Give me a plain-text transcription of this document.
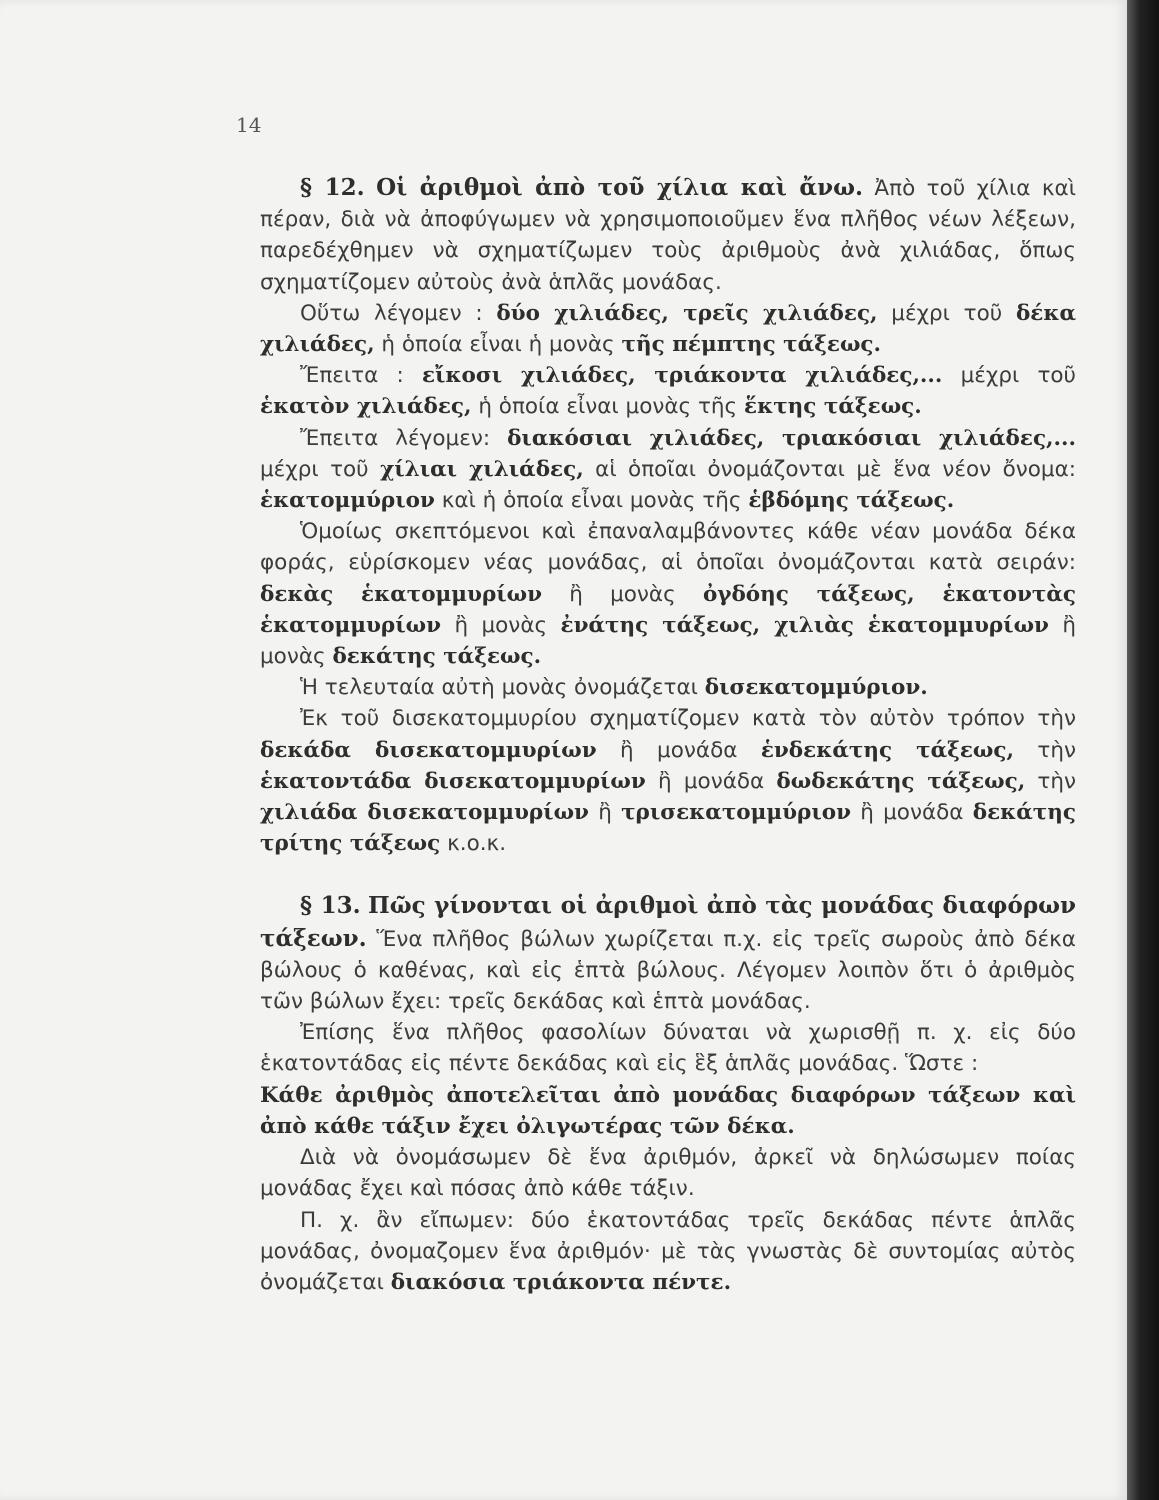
14

§ 12. Οἱ ἀριθμοὶ ἀπὸ τοῦ χίλια καὶ ἄνω. Ἀπὸ τοῦ χίλια καὶ πέραν, διὰ νὰ ἀποφύγωμεν νὰ χρησιμοποιοῦμεν ἕνα πλῆθος νέων λέξεων, παρεδέχθημεν νὰ σχηματίζωμεν τοὺς ἀριθμοὺς ἀνὰ χιλιάδας, ὅπως σχηματίζομεν αὐτοὺς ἀνὰ ἁπλᾶς μονάδας.

Οὕτω λέγομεν : δύο χιλιάδες, τρεῖς χιλιάδες, μέχρι τοῦ δέκα χιλιάδες, ἡ ὁποία εἶναι ἡ μονὰς τῆς πέμπτης τάξεως.

Ἔπειτα : εἴκοσι χιλιάδες, τριάκοντα χιλιάδες,... μέχρι τοῦ ἑκατὸν χιλιάδες, ἡ ὁποία εἶναι μονὰς τῆς ἕκτης τάξεως.

Ἔπειτα λέγομεν: διακόσιαι χιλιάδες, τριακόσιαι χιλιάδες,... μέχρι τοῦ χίλιαι χιλιάδες, αἱ ὁποῖαι ὀνομάζονται μὲ ἕνα νέον ὄνομα: ἑκατομμύριον καὶ ἡ ὁποία εἶναι μονὰς τῆς ἑβδόμης τάξεως.

Ὁμοίως σκεπτόμενοι καὶ ἐπαναλαμβάνοντες κάθε νέαν μονάδα δέκα φοράς, εὑρίσκομεν νέας μονάδας, αἱ ὁποῖαι ὀνομάζονται κατὰ σειράν: δεκὰς ἑκατομμυρίων ἢ μονὰς ὀγδόης τάξεως, ἑκατοντὰς ἑκατομμυρίων ἢ μονὰς ἐνάτης τάξεως, χιλιὰς ἑκατομμυρίων ἢ μονὰς δεκάτης τάξεως.

Ἡ τελευταία αὐτὴ μονὰς ὀνομάζεται δισεκατομμύριον.

Ἐκ τοῦ δισεκατομμυρίου σχηματίζομεν κατὰ τὸν αὐτὸν τρόπον τὴν δεκάδα δισεκατομμυρίων ἢ μονάδα ἑνδεκάτης τάξεως, τὴν ἑκατοντάδα δισεκατομμυρίων ἢ μονάδα δωδεκάτης τάξεως, τὴν χιλιάδα δισεκατομμυρίων ἢ τρισεκατομμύριον ἢ μονάδα δεκάτης τρίτης τάξεως κ.ο.κ.

§ 13. Πῶς γίνονται οἱ ἀριθμοὶ ἀπὸ τὰς μονάδας διαφόρων τάξεων. Ἕνα πλῆθος βώλων χωρίζεται π.χ. εἰς τρεῖς σωροὺς ἀπὸ δέκα βώλους ὁ καθένας, καὶ εἰς ἑπτὰ βώλους. Λέγομεν λοιπὸν ὅτι ὁ ἀριθμὸς τῶν βώλων ἔχει: τρεῖς δεκάδας καὶ ἑπτὰ μονάδας.

Ἐπίσης ἕνα πλῆθος φασολίων δύναται νὰ χωρισθῇ π. χ. εἰς δύο ἑκατοντάδας εἰς πέντε δεκάδας καὶ εἰς ἓξ ἁπλᾶς μονάδας. Ὥστε :

Κάθε ἀριθμὸς ἀποτελεῖται ἀπὸ μονάδας διαφόρων τάξεων καὶ ἀπὸ κάθε τάξιν ἔχει ὀλιγωτέρας τῶν δέκα.

Διὰ νὰ ὀνομάσωμεν δὲ ἕνα ἀριθμόν, ἀρκεῖ νὰ δηλώσωμεν ποίας μονάδας ἔχει καὶ πόσας ἀπὸ κάθε τάξιν.

Π. χ. ἂν εἴπωμεν: δύο ἑκατοντάδας τρεῖς δεκάδας πέντε ἁπλᾶς μονάδας, ὀνομαζομεν ἕνα ἀριθμόν· μὲ τὰς γνωστὰς δὲ συντομίας αὐτὸς ὀνομάζεται διακόσια τριάκοντα πέντε.
